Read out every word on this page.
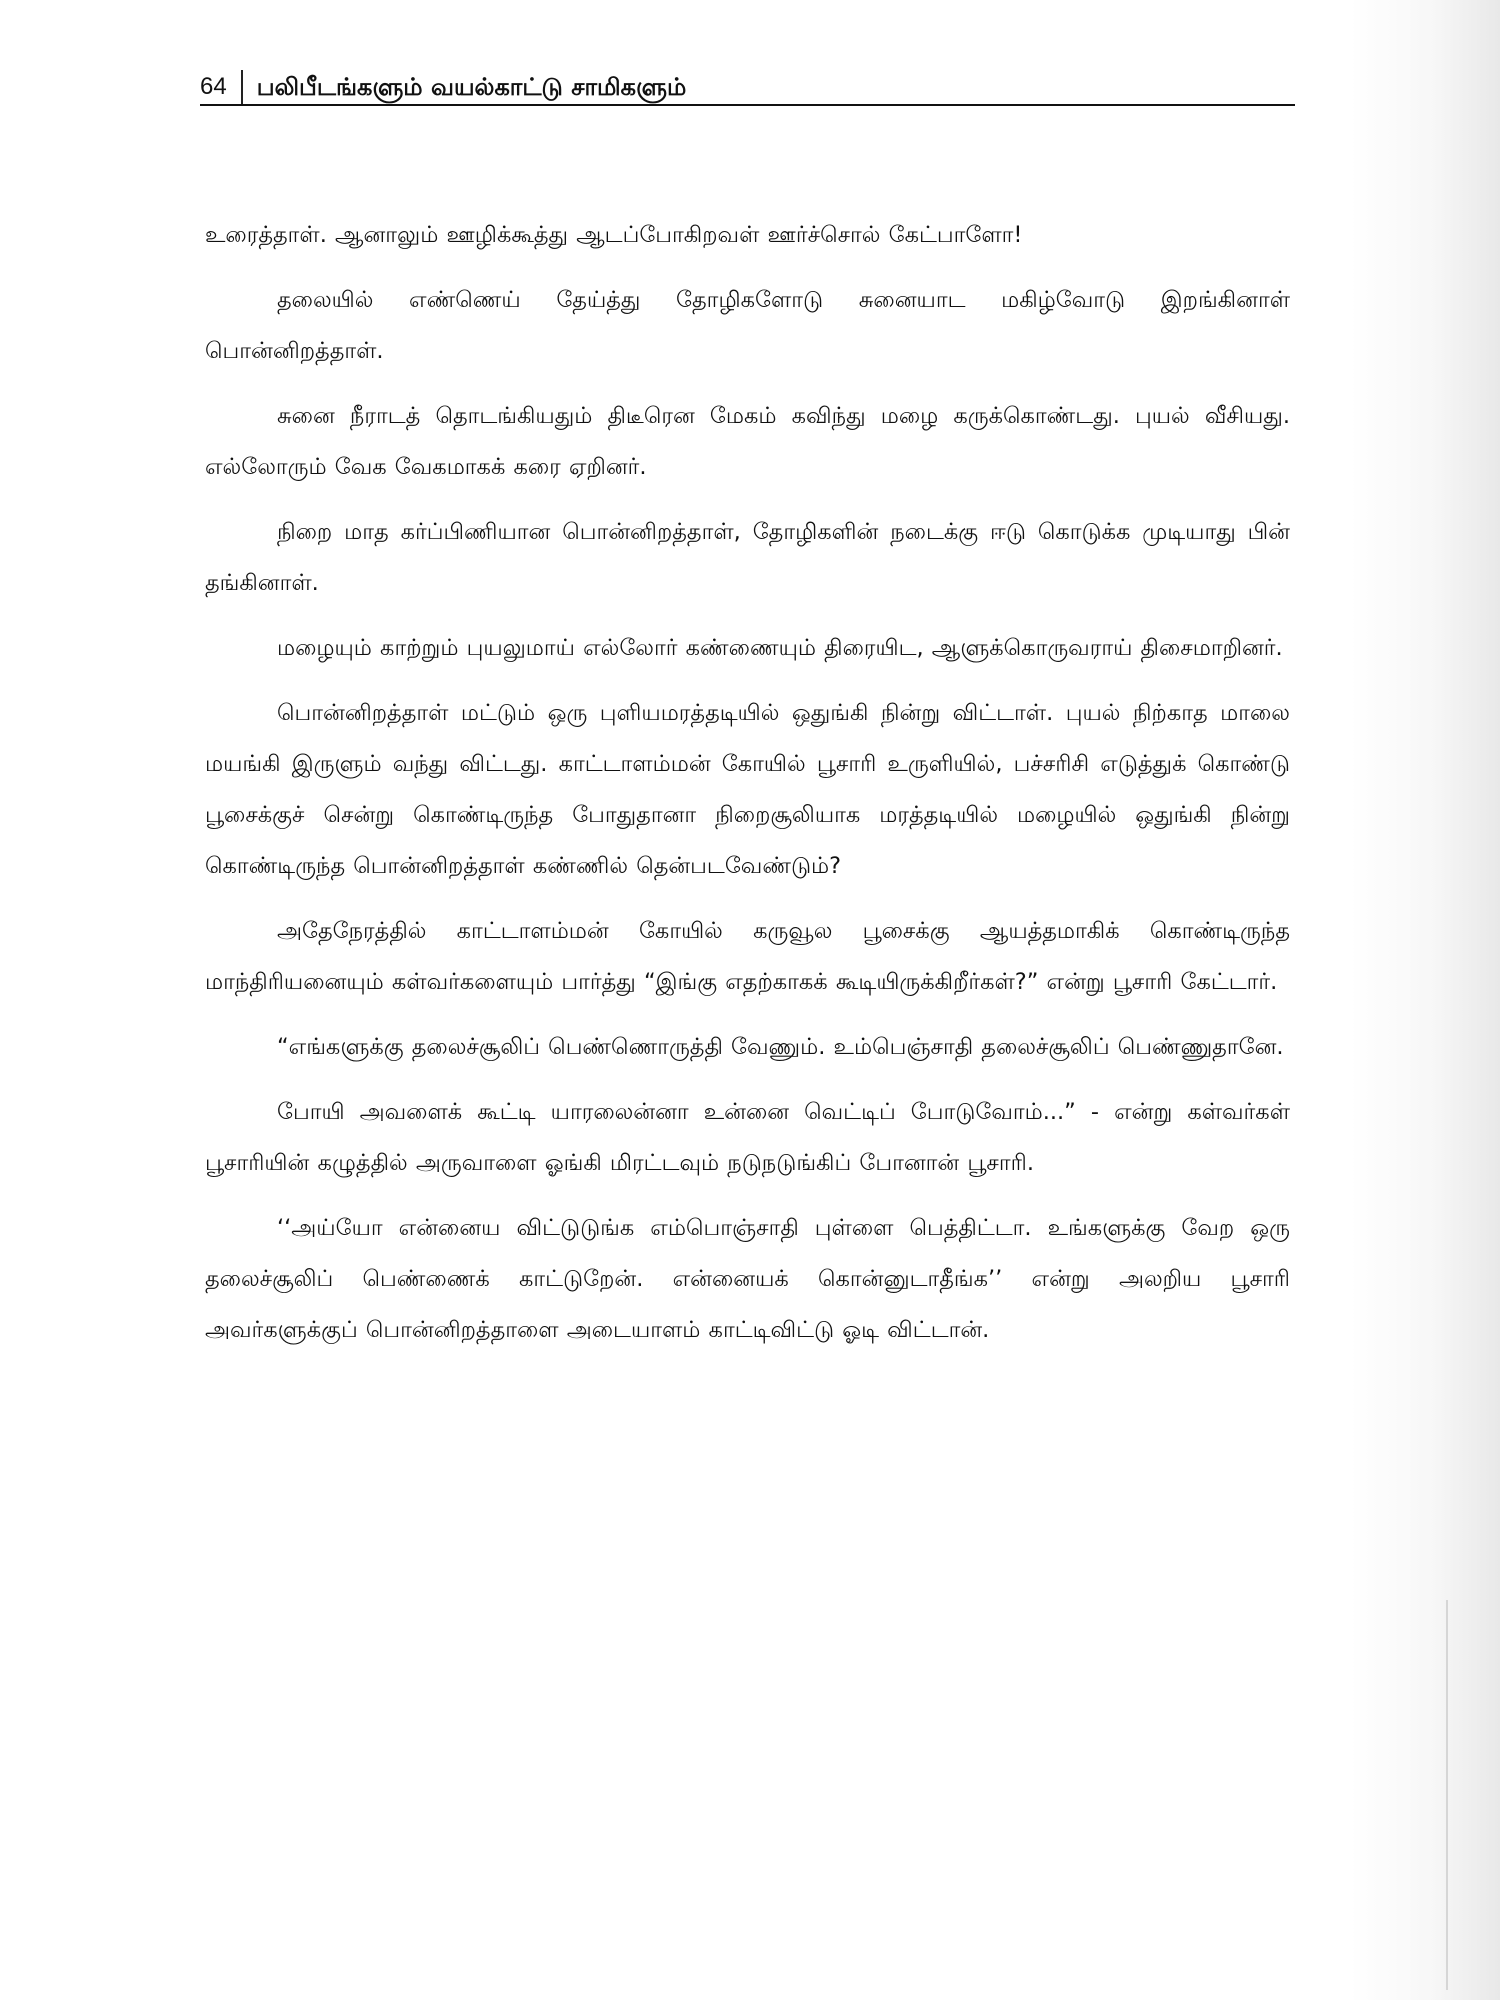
64 பலிபீடங்களும் வயல்காட்டு சாமிகளும்

உரைத்தாள். ஆனாலும் ஊழிக்கூத்து ஆடப்போகிறவள் ஊர்ச்சொல் கேட்பாளோ!

தலையில் எண்ணெய் தேய்த்து தோழிகளோடு சுனையாட மகிழ்வோடு இறங்கினாள் பொன்னிறத்தாள்.

சுனை நீராடத் தொடங்கியதும் திடீரென மேகம் கவிந்து மழை கருக்கொண்டது. புயல் வீசியது. எல்லோரும் வேக வேகமாகக் கரை ஏறினர்.

நிறை மாத கர்ப்பிணியான பொன்னிறத்தாள், தோழிகளின் நடைக்கு ஈடு கொடுக்க முடியாது பின் தங்கினாள்.

மழையும் காற்றும் புயலுமாய் எல்லோர் கண்ணையும் திரையிட, ஆளுக்கொருவராய் திசைமாறினர்.

பொன்னிறத்தாள் மட்டும் ஒரு புளியமரத்தடியில் ஒதுங்கி நின்று விட்டாள். புயல் நிற்காத மாலை மயங்கி இருளும் வந்து விட்டது. காட்டாளம்மன் கோயில் பூசாரி உருளியில், பச்சரிசி எடுத்துக் கொண்டு பூசைக்குச் சென்று கொண்டிருந்த போதுதானா நிறைசூலியாக மரத்தடியில் மழையில் ஒதுங்கி நின்று கொண்டிருந்த பொன்னிறத்தாள் கண்ணில் தென்படவேண்டும்?

அதேநேரத்தில் காட்டாளம்மன் கோயில் கருவூல பூசைக்கு ஆயத்தமாகிக் கொண்டிருந்த மாந்திரியனையும் கள்வர்களையும் பார்த்து “இங்கு எதற்காகக் கூடியிருக்கிறீர்கள்?” என்று பூசாரி கேட்டார்.

“எங்களுக்கு தலைச்சூலிப் பெண்ணொருத்தி வேணும். உம்பெஞ்சாதி தலைச்சூலிப் பெண்ணுதானே.

போயி அவளைக் கூட்டி யாரலைன்னா உன்னை வெட்டிப் போடுவோம்...” - என்று கள்வர்கள் பூசாரியின் கழுத்தில் அருவாளை ஓங்கி மிரட்டவும் நடுநடுங்கிப் போனான் பூசாரி.

‘‘அய்யோ என்னைய விட்டுடுங்க எம்பொஞ்சாதி புள்ளை பெத்திட்டா. உங்களுக்கு வேற ஒரு தலைச்சூலிப் பெண்ணைக் காட்டுறேன். என்னையக் கொன்னுடாதீங்க’’ என்று அலறிய பூசாரி அவர்களுக்குப் பொன்னிறத்தாளை அடையாளம் காட்டிவிட்டு ஓடி விட்டான்.
